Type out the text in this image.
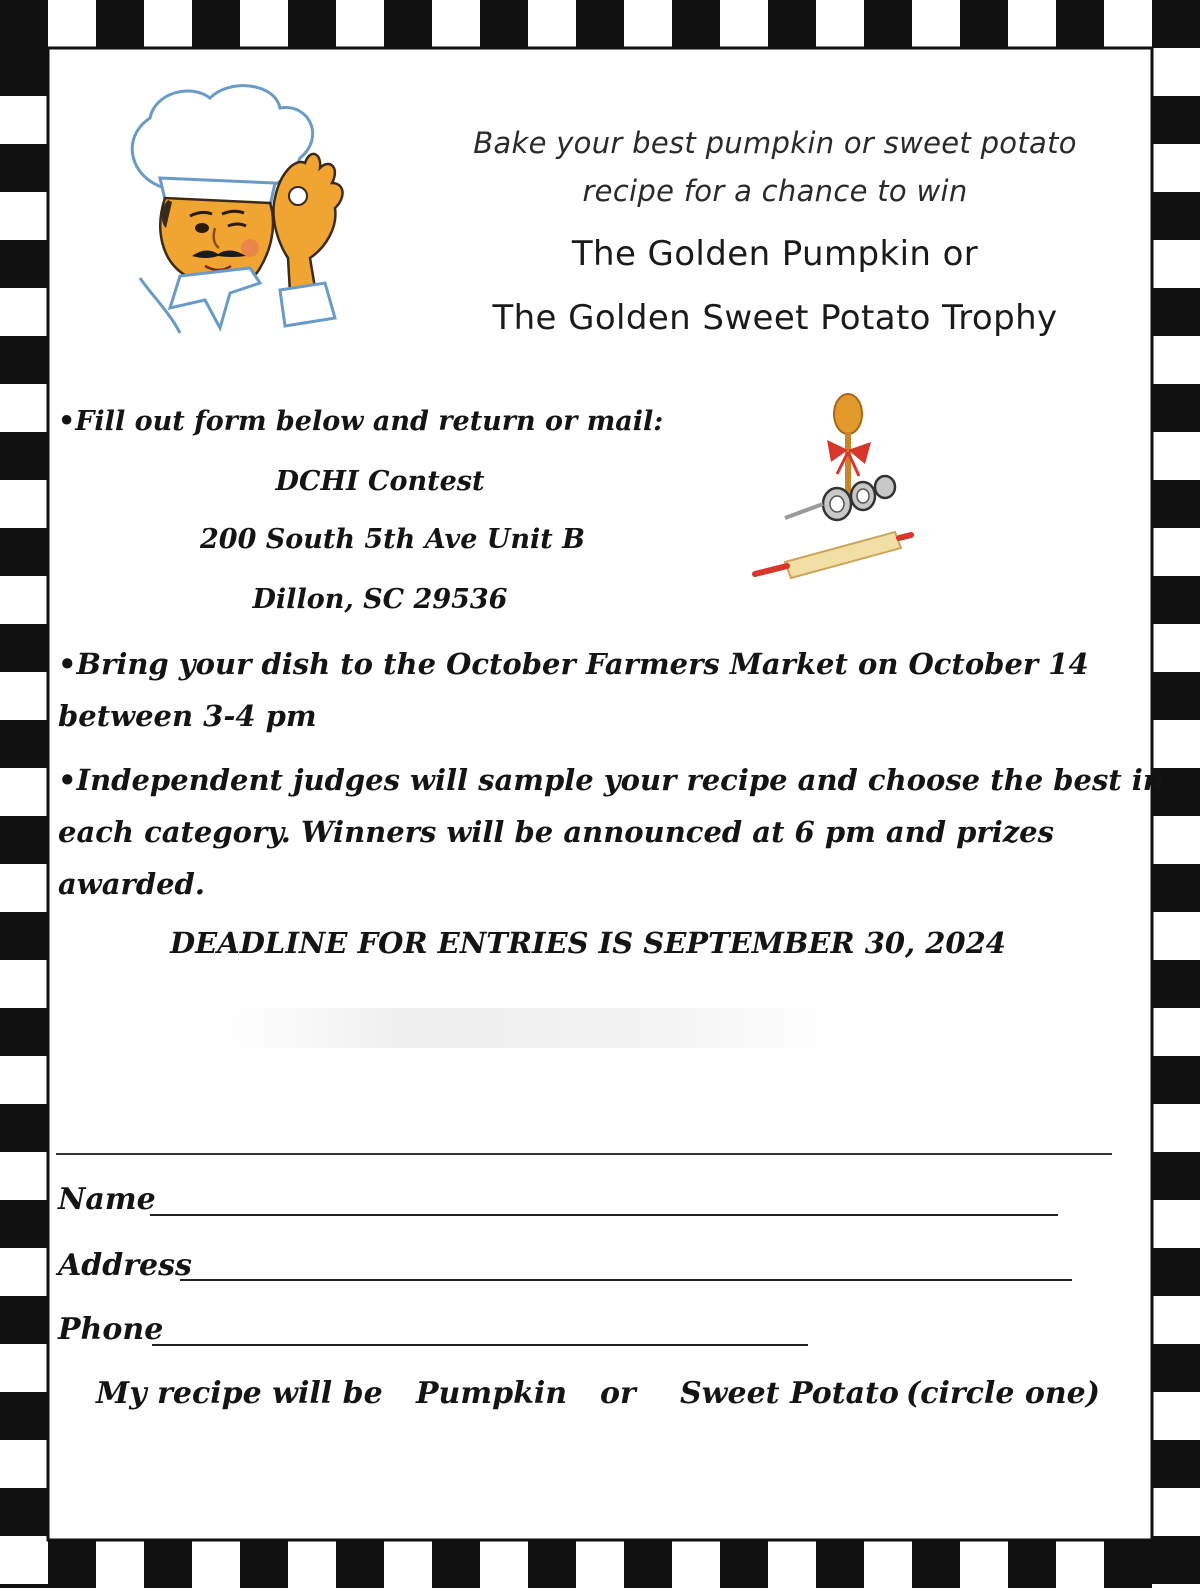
Bake your best pumpkin or sweet potato
recipe for a chance to win
The Golden Pumpkin or
The Golden Sweet Potato Trophy
•Fill out form below and return or mail:
DCHI Contest
200 South 5th Ave Unit B
Dillon, SC 29536
•Bring your dish to the October Farmers Market on October 14
between 3-4 pm
•Independent judges will sample your recipe and choose the best in
each category. Winners will be announced at 6 pm and prizes
awarded.
DEADLINE FOR ENTRIES IS SEPTEMBER 30, 2024
Name
Address
Phone
My recipe will be Pumpkin or Sweet Potato (circle one)
